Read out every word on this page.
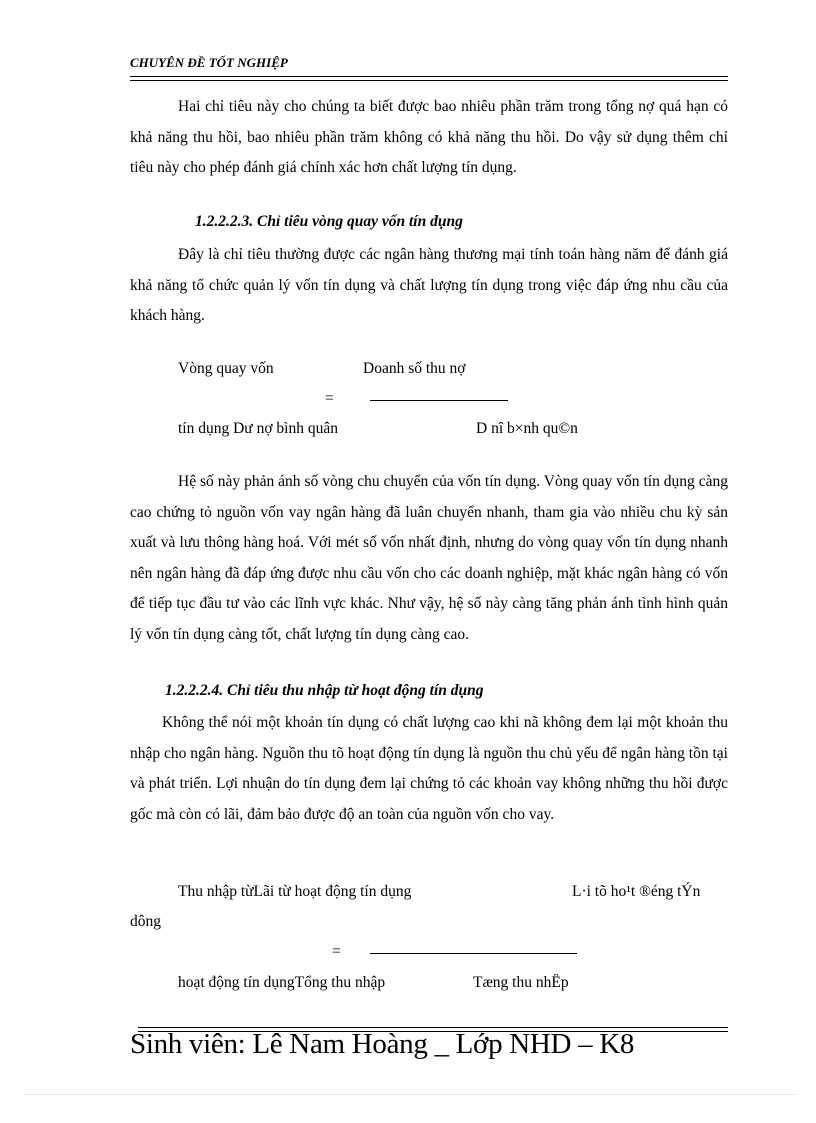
CHUYÊN ĐỀ TỐT NGHIỆP

Hai chỉ tiêu này cho chúng ta biết được bao nhiêu phần trăm trong tổng nợ quá hạn có khả năng thu hồi, bao nhiêu phần trăm không có khả năng thu hồi. Do vậy sử dụng thêm chỉ tiêu này cho phép đánh giá chính xác hơn chất lượng tín dụng.

1.2.2.2.3. Chỉ tiêu vòng quay vốn tín dụng

Đây là chỉ tiêu thường được các ngân hàng thương mại tính toán hàng năm để đánh giá khả năng tổ chức quản lý vốn tín dụng và chất lượng tín dụng trong việc đáp ứng nhu cầu của khách hàng.

Vòng quay vốn	Doanh số thu nợ
=
tín dụng Dư nợ bình quân	D nî b×nh qu©n

Hệ số này phản ánh số vòng chu chuyển của vốn tín dụng. Vòng quay vốn tín dụng càng cao chứng tỏ nguồn vốn vay ngân hàng đã luân chuyển nhanh, tham gia vào nhiều chu kỳ sản xuất và lưu thông hàng hoá. Với mét số vốn nhất định, nhưng do vòng quay vốn tín dụng nhanh nên ngân hàng đã đáp ứng được nhu cầu vốn cho các doanh nghiệp, mặt khác ngân hàng có vốn để tiếp tục đầu tư vào các lĩnh vực khác. Như vậy, hệ số này càng tăng phản ánh tình hình quản lý vốn tín dụng càng tốt, chất lượng tín dụng càng cao.

1.2.2.2.4. Chỉ tiêu thu nhập từ hoạt động tín dụng

Không thể nói một khoản tín dụng có chất lượng cao khi nã không đem lại một khoản thu nhập cho ngân hàng. Nguồn thu tõ hoạt động tín dụng là nguồn thu chủ yếu để ngân hàng tồn tại và phát triển. Lợi nhuận do tín dụng đem lại chứng tỏ các khoản vay không những thu hồi được gốc mà còn có lãi, đảm bảo được độ an toàn của nguồn vốn cho vay.

Thu nhập từLãi từ hoạt động tín dụng	L·i tõ ho¹t ®éng tÝn
dông
=
hoạt động tín dụngTổng thu nhập	Tæng thu nhËp
Sinh viên: Lê Nam Hoàng _ Lớp NHD – K8
